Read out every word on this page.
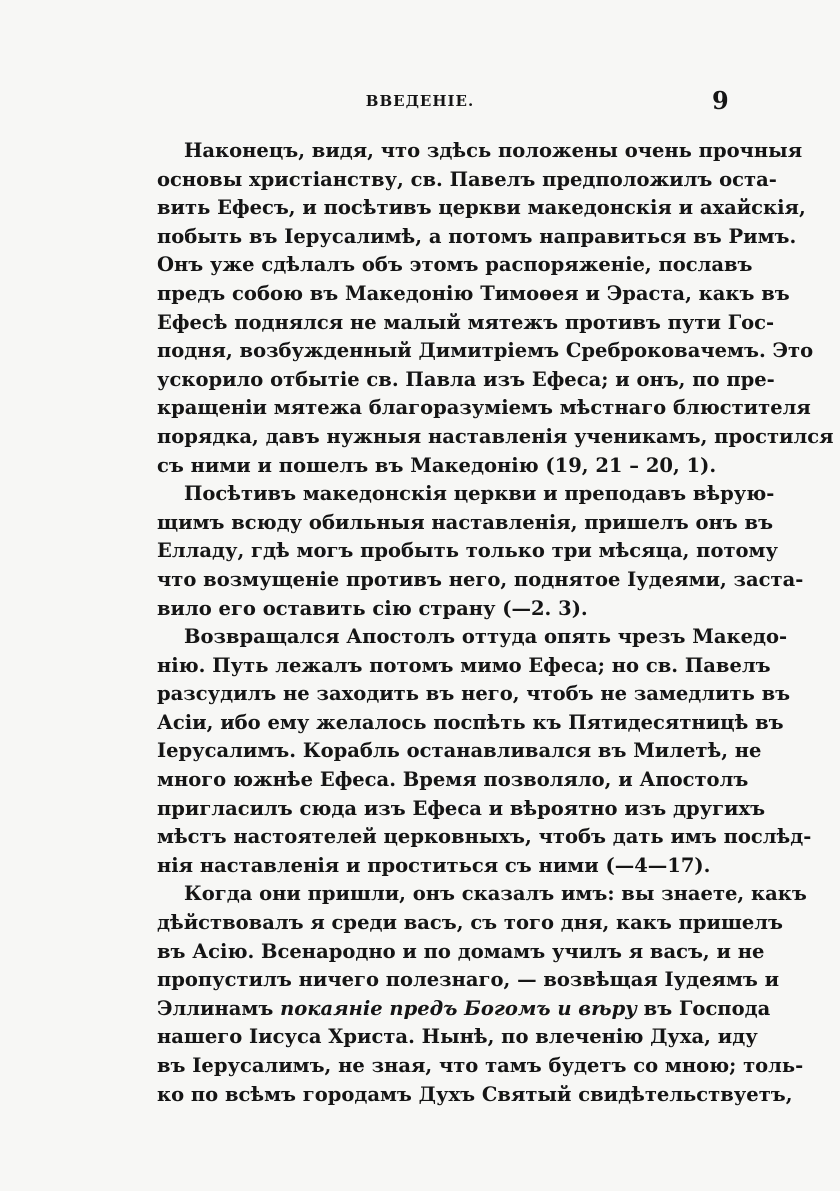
ВВЕДЕНІЕ.	9
Наконецъ, видя, что здѣсь положены очень прочныя
основы христіанству, св. Павелъ предположилъ оста-
вить Ефесъ, и посѣтивъ церкви македонскія и ахайскія,
побыть въ Іерусалимѣ, а потомъ направиться въ Римъ.
Онъ уже сдѣлалъ объ этомъ распоряженіе, пославъ
предъ собою въ Македонію Тимоѳея и Эраста, какъ въ
Ефесѣ поднялся не малый мятежъ противъ пути Гос-
подня, возбужденный Димитріемъ Среброковачемъ. Это
ускорило отбытіе св. Павла изъ Ефеса; и онъ, по пре-
кращеніи мятежа благоразуміемъ мѣстнаго блюстителя
порядка, давъ нужныя наставленія ученикамъ, простился
съ ними и пошелъ въ Македонію (19, 21 – 20, 1).
Посѣтивъ македонскія церкви и преподавъ вѣрую-
щимъ всюду обильныя наставленія, пришелъ онъ въ
Елладу, гдѣ могъ пробыть только три мѣсяца, потому
что возмущеніе противъ него, поднятое Іудеями, заста-
вило его оставить сію страну (—2. 3).
Возвращался Апостолъ оттуда опять чрезъ Македо-
нію. Путь лежалъ потомъ мимо Ефеса; но св. Павелъ
разсудилъ не заходить въ него, чтобъ не замедлить въ
Асіи, ибо ему желалось поспѣть къ Пятидесятницѣ въ
Іерусалимъ. Корабль останавливался въ Милетѣ, не
много южнѣе Ефеса. Время позволяло, и Апостолъ
пригласилъ сюда изъ Ефеса и вѣроятно изъ другихъ
мѣстъ настоятелей церковныхъ, чтобъ дать имъ послѣд-
нія наставленія и проститься съ ними (—4—17).
Когда они пришли, онъ сказалъ имъ: вы знаете, какъ
дѣйствовалъ я среди васъ, съ того дня, какъ пришелъ
въ Асію. Всенародно и по домамъ училъ я васъ, и не
пропустилъ ничего полезнаго, — возвѣщая Іудеямъ и
Эллинамъ покаяніе предъ Богомъ и вѣру въ Господа
нашего Іисуса Христа. Нынѣ, по влеченію Духа, иду
въ Іерусалимъ, не зная, что тамъ будетъ со мною; толь-
ко по всѣмъ городамъ Духъ Святый свидѣтельствуетъ,
